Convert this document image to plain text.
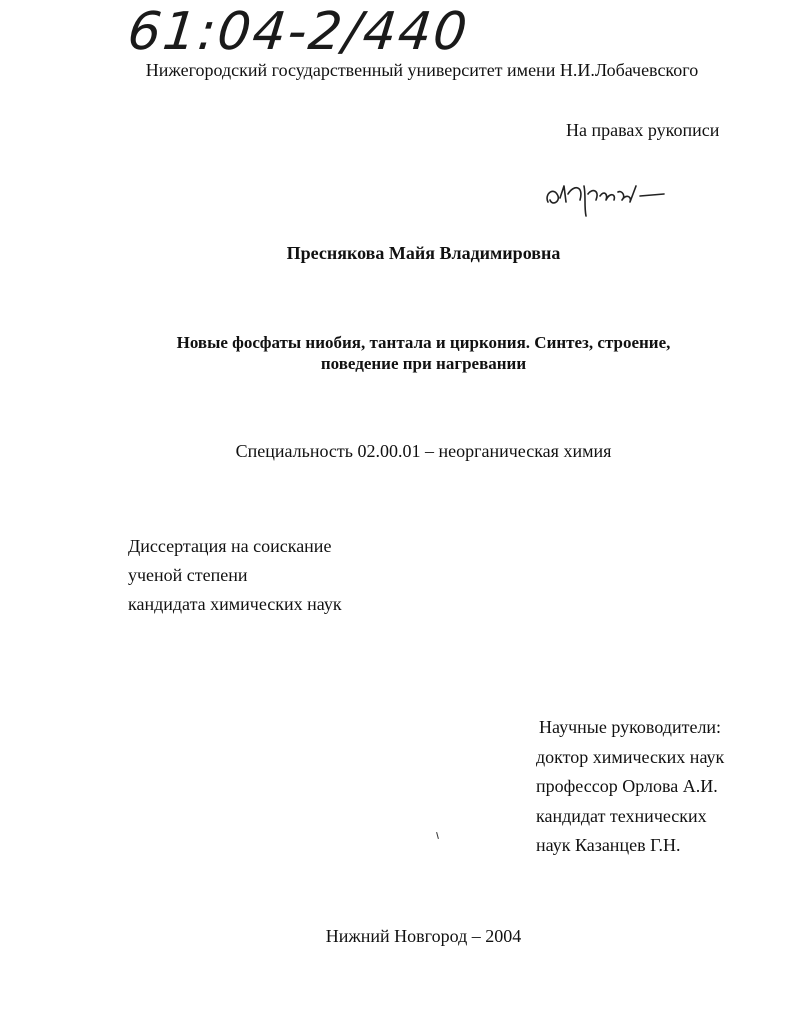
61:04-2/440
Нижегородский государственный университет имени Н.И.Лобачевского
На правах рукописи
Преснякова Майя Владимировна
Новые фосфаты ниобия, тантала и циркония. Синтез, строение,
поведение при нагревании
Специальность 02.00.01 – неорганическая химия
Диссертация на соискание
ученой степени
кандидата химических наук
Научные руководители:
доктор химических наук
профессор Орлова А.И.
кандидат технических
наук Казанцев Г.Н.
Нижний Новгород – 2004
